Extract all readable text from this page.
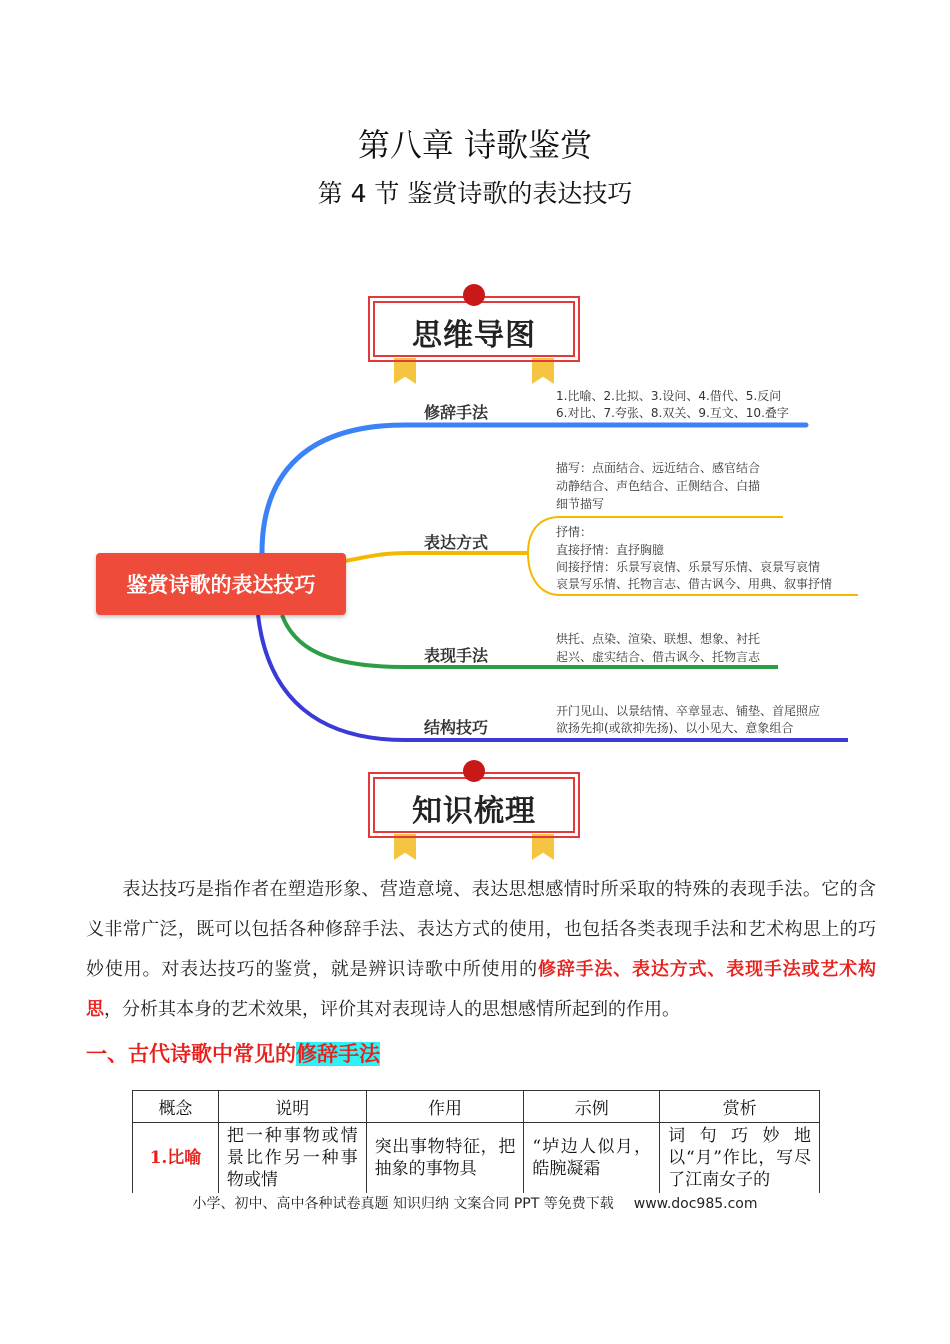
第八章 诗歌鉴赏
第 4 节 鉴赏诗歌的表达技巧
思维导图
鉴赏诗歌的表达技巧
修辞手法
表达方式
表现手法
结构技巧
1.比喻、2.比拟、3.设问、4.借代、5.反问
6.对比、7.夸张、8.双关、9.互文、10.叠字
描写：点面结合、远近结合、感官结合
动静结合、声色结合、正侧结合、白描
细节描写
抒情：
直接抒情：直抒胸臆
间接抒情：乐景写哀情、乐景写乐情、哀景写哀情
哀景写乐情、托物言志、借古讽今、用典、叙事抒情
烘托、点染、渲染、联想、想象、衬托
起兴、虚实结合、借古讽今、托物言志
开门见山、以景结情、卒章显志、铺垫、首尾照应
欲扬先抑(或欲抑先扬)、以小见大、意象组合
知识梳理
表达技巧是指作者在塑造形象、营造意境、表达思想感情时所采取的特殊的表现手法。它的含义非常广泛，既可以包括各种修辞手法、表达方式的使用，也包括各类表现手法和艺术构思上的巧妙使用。对表达技巧的鉴赏，就是辨识诗歌中所使用的修辞手法、表达方式、表现手法或艺术构思，分析其本身的艺术效果，评价其对表现诗人的思想感情所起到的作用。
一、古代诗歌中常见的修辞手法
概念	说明	作用	示例	赏析
1.比喻	把一种事物或情景比作另一种事物或情	突出事物特征，把抽象的事物具	“垆边人似月，皓腕凝霜	词句巧妙地以“月”作比，写尽了江南女子的
小学、初中、高中各种试卷真题 知识归纳 文案合同 PPT 等免费下载 www.doc985.com
